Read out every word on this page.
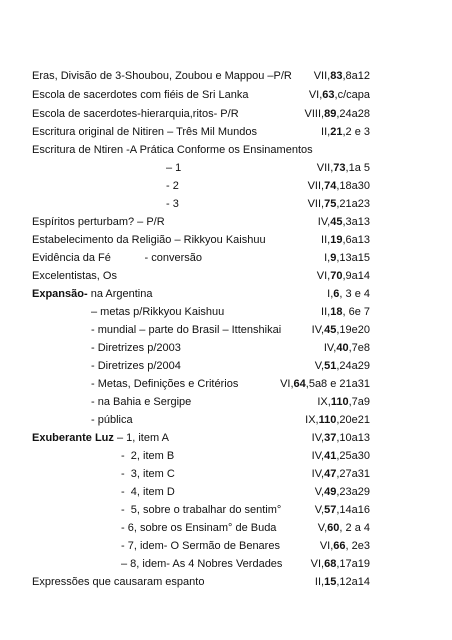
Eras, Divisão de 3-Shoubou, Zoubou e Mappou –P/R VII,83,8a12
Escola de sacerdotes com fiéis de Sri Lanka	VI,63,c/capa
Escola de sacerdotes-hierarquia,ritos- P/R	VIII,89,24a28
Escritura original de Nitiren – Três Mil Mundos	II,21,2 e 3
Escritura de Ntiren -A Prática Conforme os Ensinamentos
– 1	VII,73,1a 5
- 2	VII,74,18a30
- 3	VII,75,21a23
Espíritos perturbam? – P/R	IV,45,3a13
Estabelecimento da Religião – Rikkyou Kaishuu	II,19,6a13
Evidência da Fé           - conversão	I,9,13a15
Excelentistas, Os	VI,70,9a14
Expansão- na Argentina	I,6, 3 e 4
– metas p/Rikkyou Kaishuu	II,18, 6e 7
- mundial – parte do Brasil – Ittenshikai	IV,45,19e20
- Diretrizes p/2003	IV,40,7e8
- Diretrizes p/2004	V,51,24a29
- Metas, Definições e Critérios	VI,64,5a8 e 21a31
- na Bahia e Sergipe	IX,110,7a9
- pública	IX,110,20e21
Exuberante Luz – 1, item A	IV,37,10a13
-  2, item B	IV,41,25a30
-  3, item C	IV,47,27a31
-  4, item D	V,49,23a29
-  5, sobre o trabalhar do sentim°	V,57,14a16
- 6, sobre os Ensinam° de Buda	V,60, 2 a 4
- 7, idem- O Sermão de Benares	VI,66, 2e3
– 8, idem- As 4 Nobres Verdades	VI,68,17a19
Expressões que causaram espanto	II,15,12a14
